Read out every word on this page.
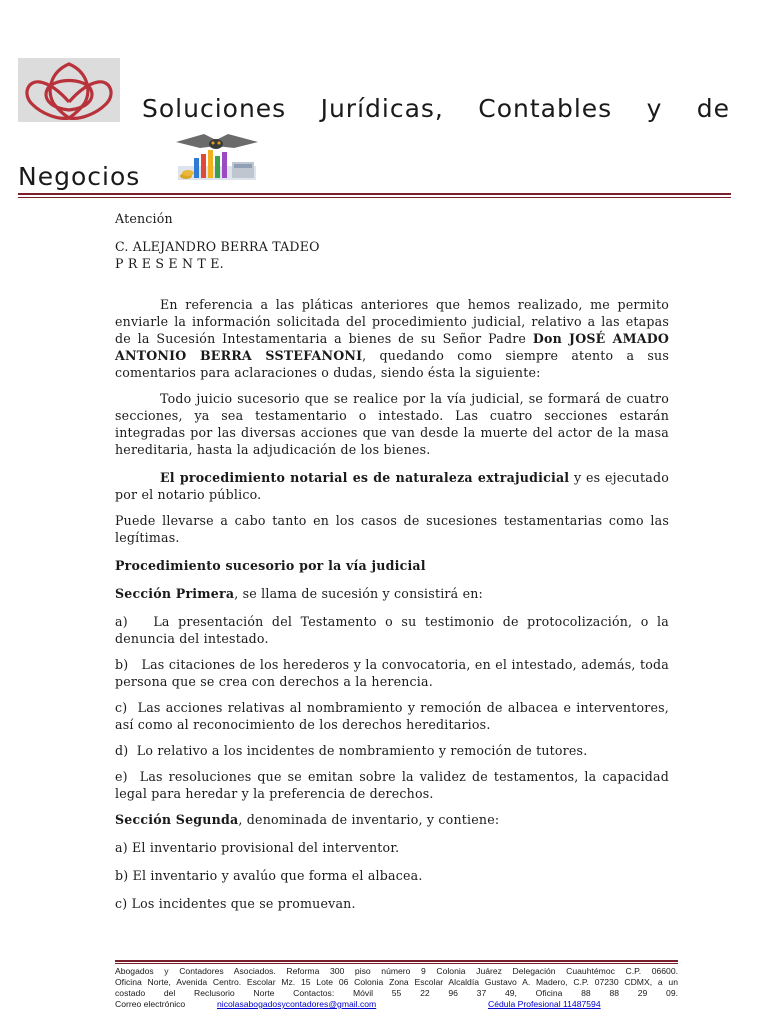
Soluciones Jurídicas, Contables y de
Negocios

Atención

C. ALEJANDRO BERRA TADEO

P R E S E N T E.

En referencia a las pláticas anteriores que hemos realizado, me permito enviarle la información solicitada del procedimiento judicial, relativo a las etapas de la Sucesión Intestamentaria a bienes de su Señor Padre Don JOSÉ AMADO ANTONIO BERRA SSTEFANONI, quedando como siempre atento a sus comentarios para aclaraciones o dudas, siendo ésta la siguiente:

Todo juicio sucesorio que se realice por la vía judicial, se formará de cuatro secciones, ya sea testamentario o intestado. Las cuatro secciones estarán integradas por las diversas acciones que van desde la muerte del actor de la masa hereditaria, hasta la adjudicación de los bienes.

El procedimiento notarial es de naturaleza extrajudicial y es ejecutado por el notario público.

Puede llevarse a cabo tanto en los casos de sucesiones testamentarias como las legítimas.

Procedimiento sucesorio por la vía judicial

Sección Primera, se llama de sucesión y consistirá en:

a)   La presentación del Testamento o su testimonio de protocolización, o la denuncia del intestado.

b)   Las citaciones de los herederos y la convocatoria, en el intestado, además, toda persona que se crea con derechos a la herencia.

c)  Las acciones relativas al nombramiento y remoción de albacea e interventores, así como al reconocimiento de los derechos hereditarios.

d)  Lo relativo a los incidentes de nombramiento y remoción de tutores.

e)  Las resoluciones que se emitan sobre la validez de testamentos, la capacidad legal para heredar y la preferencia de derechos.

Sección Segunda, denominada de inventario, y contiene:

a) El inventario provisional del interventor.

b) El inventario y avalúo que forma el albacea.

c) Los incidentes que se promuevan.

Abogados y Contadores Asociados. Reforma 300 piso número 9 Colonia Juárez Delegación Cuauhtémoc C.P. 06600.
Oficina Norte, Avenida Centro. Escolar Mz. 15 Lote 06 Colonia Zona Escolar Alcaldía Gustavo A. Madero, C.P. 07230 CDMX, a un
costado del Reclusorio Norte Contactos: Móvil 55 22 96 37 49, Oficina 88 88 29 09.
Correo electrónico	nicolasabogadosycontadores@gmail.com	Cédula Profesional 11487594
